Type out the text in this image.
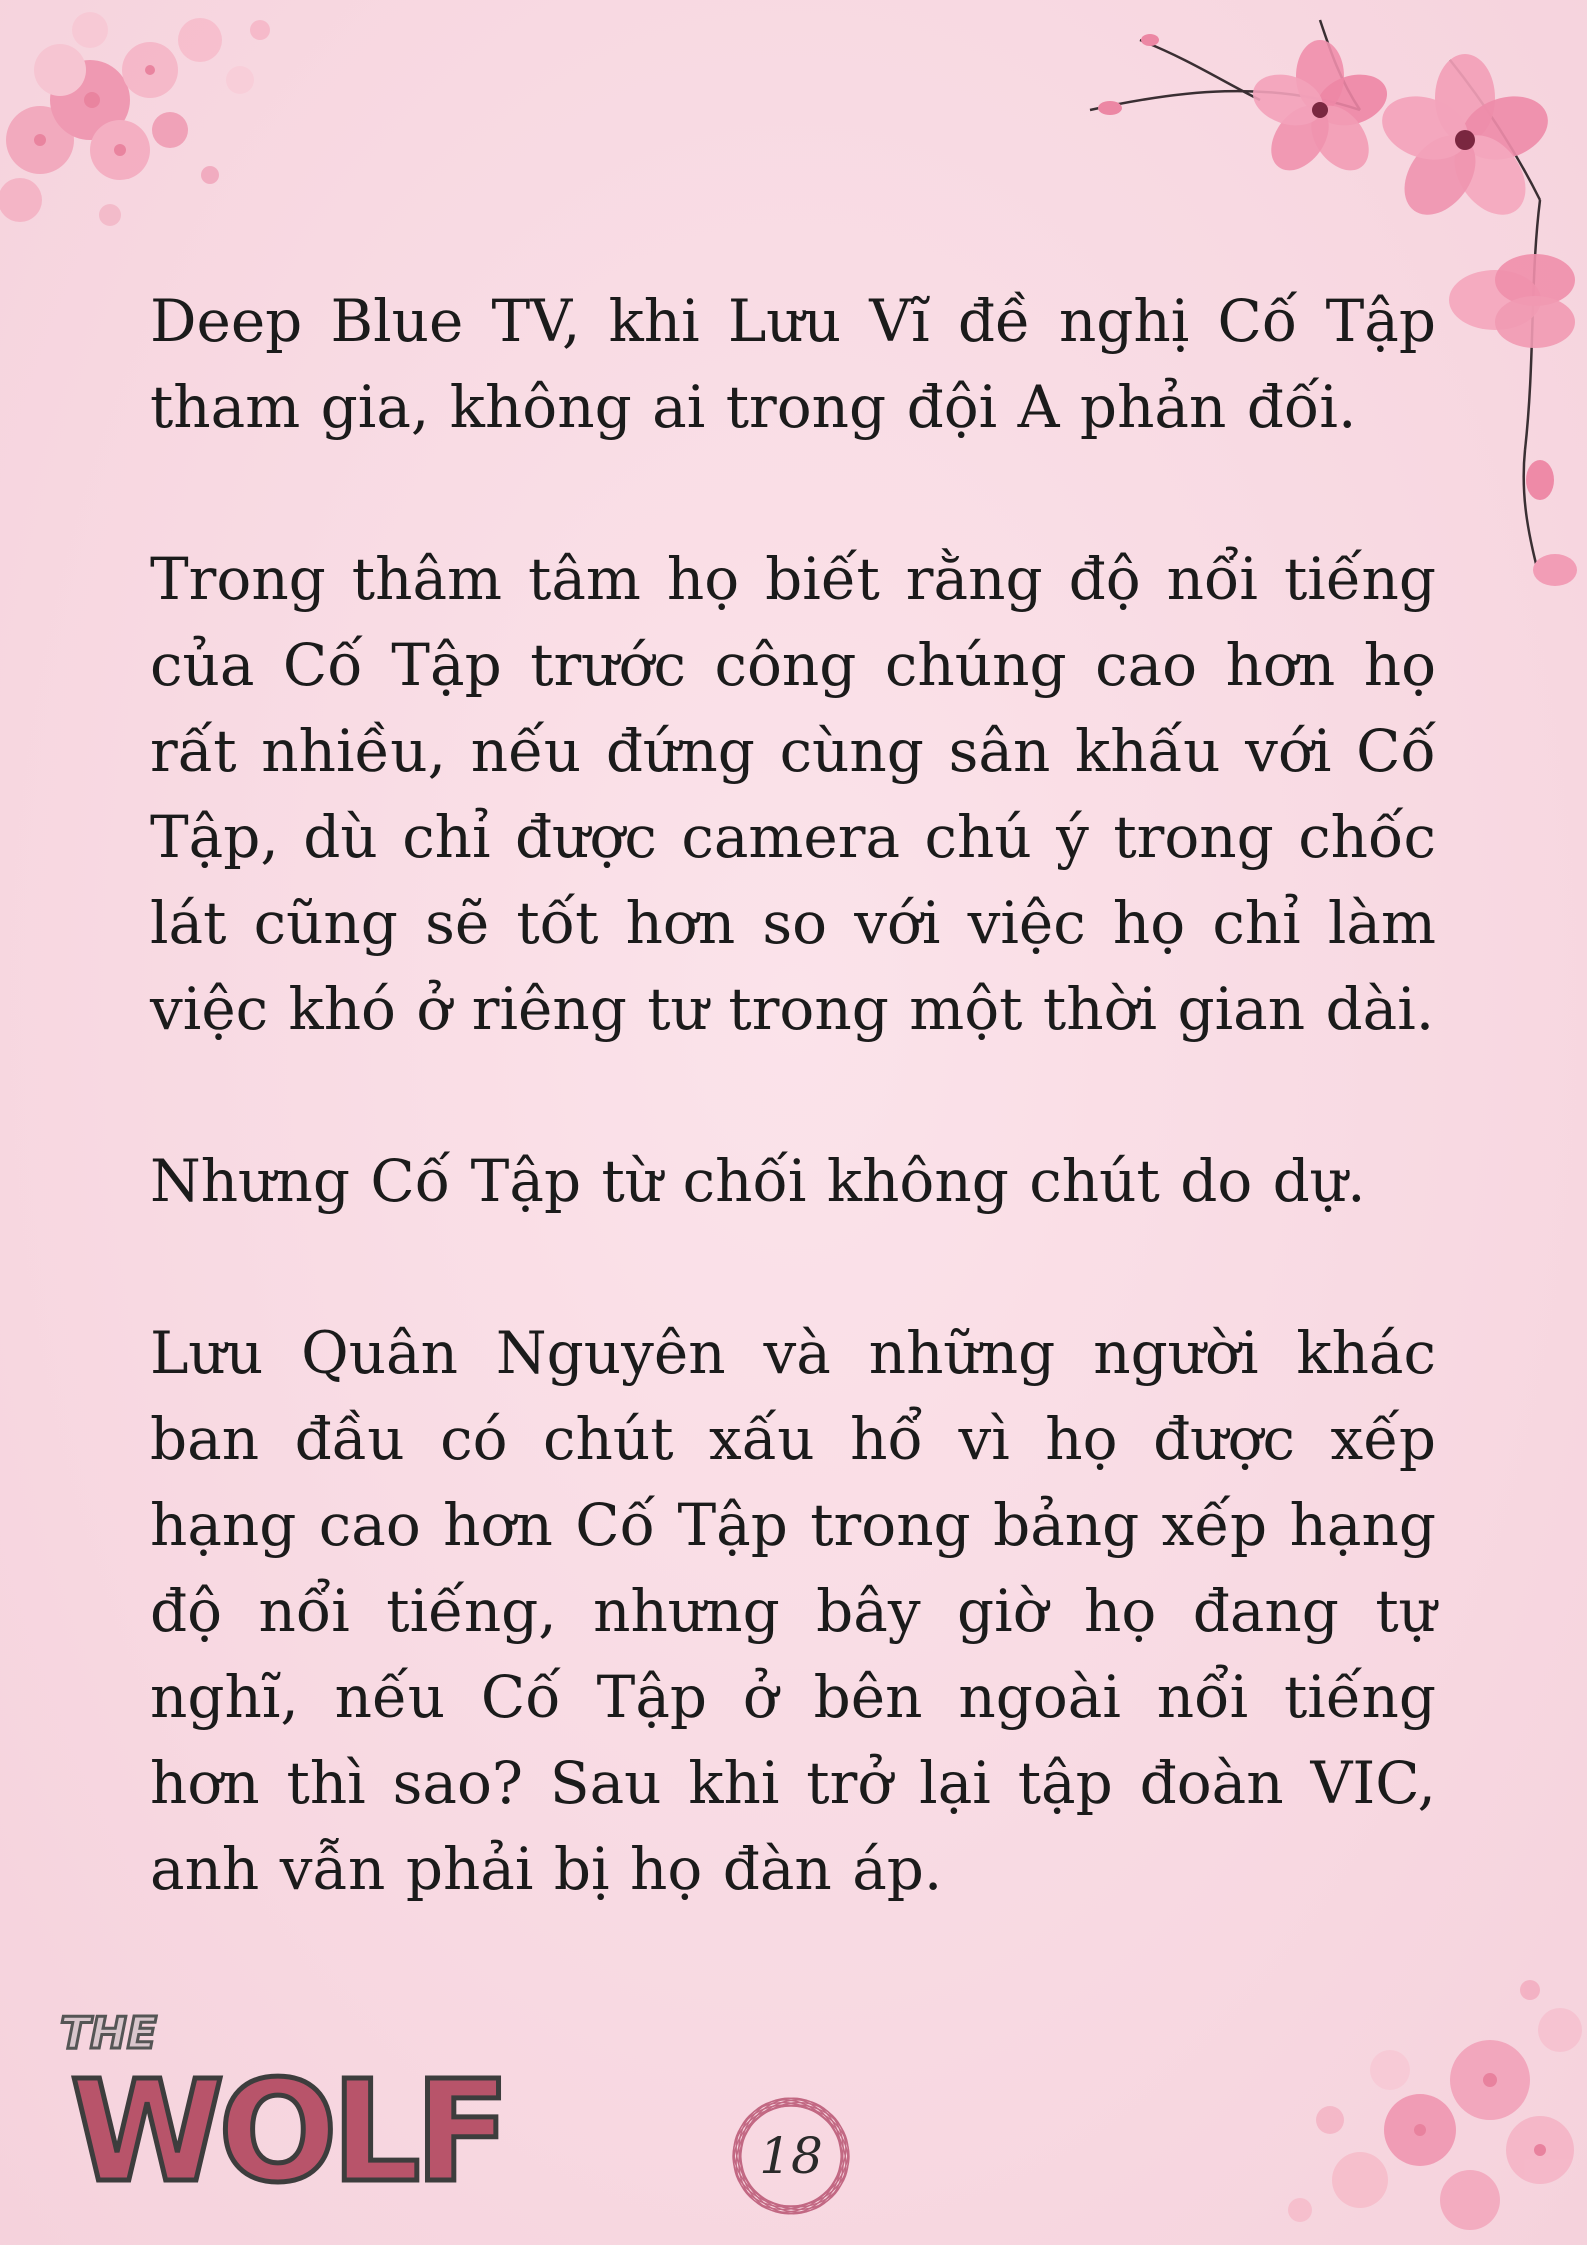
Deep Blue TV, khi Lưu Vĩ đề nghị Cố Tập tham gia, không ai trong đội A phản đối.

Trong thâm tâm họ biết rằng độ nổi tiếng của Cố Tập trước công chúng cao hơn họ rất nhiều, nếu đứng cùng sân khấu với Cố Tập, dù chỉ được camera chú ý trong chốc lát cũng sẽ tốt hơn so với việc họ chỉ làm việc khó ở riêng tư trong một thời gian dài.

Nhưng Cố Tập từ chối không chút do dự.

Lưu Quân Nguyên và những người khác ban đầu có chút xấu hổ vì họ được xếp hạng cao hơn Cố Tập trong bảng xếp hạng độ nổi tiếng, nhưng bây giờ họ đang tự nghĩ, nếu Cố Tập ở bên ngoài nổi tiếng hơn thì sao? Sau khi trở lại tập đoàn VIC, anh vẫn phải bị họ đàn áp.

THE
WOLF	18
